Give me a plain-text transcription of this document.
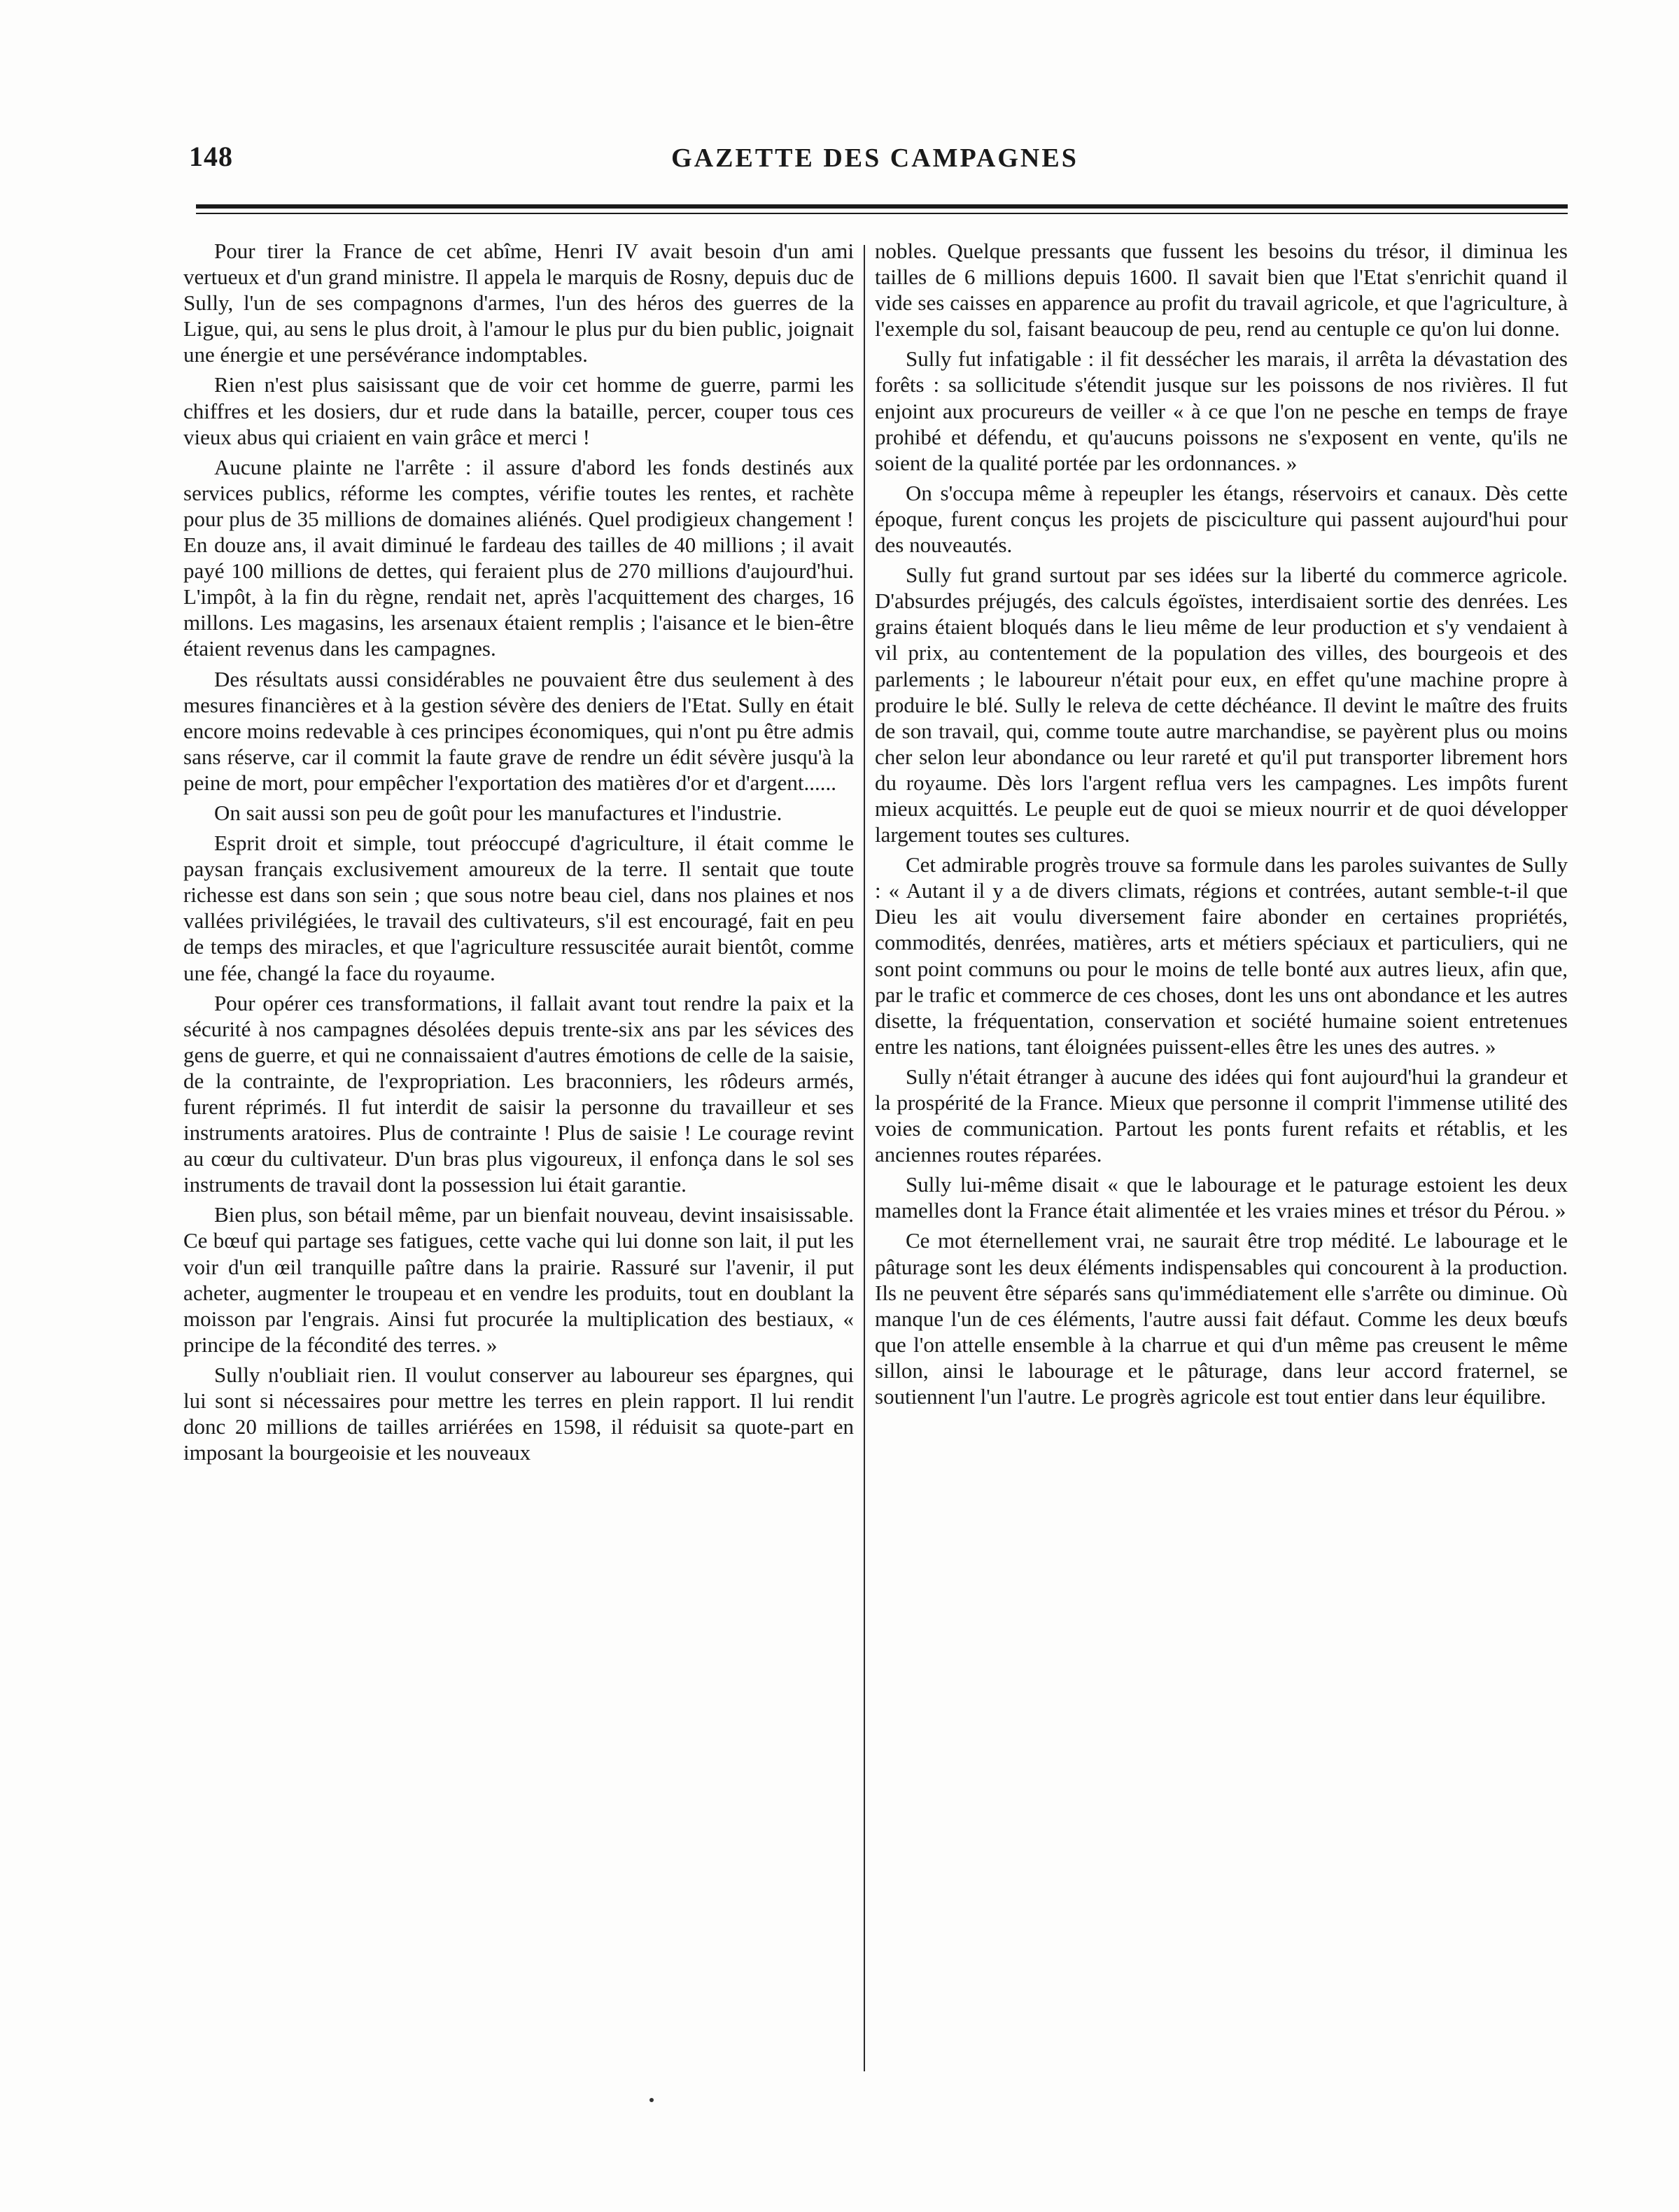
148	GAZETTE DES CAMPAGNES

Pour tirer la France de cet abîme, Henri IV avait besoin d'un ami vertueux et d'un grand ministre. Il appela le marquis de Rosny, depuis duc de Sully, l'un de ses compagnons d'armes, l'un des héros des guerres de la Ligue, qui, au sens le plus droit, à l'amour le plus pur du bien public, joignait une énergie et une persévérance indomptables.

Rien n'est plus saisissant que de voir cet homme de guerre, parmi les chiffres et les dosiers, dur et rude dans la bataille, percer, couper tous ces vieux abus qui criaient en vain grâce et merci !

Aucune plainte ne l'arrête : il assure d'abord les fonds destinés aux services publics, réforme les comptes, vérifie toutes les rentes, et rachète pour plus de 35 millions de domaines aliénés. Quel prodigieux changement ! En douze ans, il avait diminué le fardeau des tailles de 40 millions ; il avait payé 100 millions de dettes, qui feraient plus de 270 millions d'aujourd'hui. L'impôt, à la fin du règne, rendait net, après l'acquittement des charges, 16 millons. Les magasins, les arsenaux étaient remplis ; l'aisance et le bien-être étaient revenus dans les campagnes.

Des résultats aussi considérables ne pouvaient être dus seulement à des mesures financières et à la gestion sévère des deniers de l'Etat. Sully en était encore moins redevable à ces principes économiques, qui n'ont pu être admis sans réserve, car il commit la faute grave de rendre un édit sévère jusqu'à la peine de mort, pour empêcher l'exportation des matières d'or et d'argent......

On sait aussi son peu de goût pour les manufactures et l'industrie.

Esprit droit et simple, tout préoccupé d'agriculture, il était comme le paysan français exclusivement amoureux de la terre. Il sentait que toute richesse est dans son sein ; que sous notre beau ciel, dans nos plaines et nos vallées privilégiées, le travail des cultivateurs, s'il est encouragé, fait en peu de temps des miracles, et que l'agriculture ressuscitée aurait bientôt, comme une fée, changé la face du royaume.

Pour opérer ces transformations, il fallait avant tout rendre la paix et la sécurité à nos campagnes désolées depuis trente-six ans par les sévices des gens de guerre, et qui ne connaissaient d'autres émotions de celle de la saisie, de la contrainte, de l'expropriation. Les braconniers, les rôdeurs armés, furent réprimés. Il fut interdit de saisir la personne du travailleur et ses instruments aratoires. Plus de contrainte ! Plus de saisie ! Le courage revint au cœur du cultivateur. D'un bras plus vigoureux, il enfonça dans le sol ses instruments de travail dont la possession lui était garantie.

Bien plus, son bétail même, par un bienfait nouveau, devint insaisissable. Ce bœuf qui partage ses fatigues, cette vache qui lui donne son lait, il put les voir d'un œil tranquille paître dans la prairie. Rassuré sur l'avenir, il put acheter, augmenter le troupeau et en vendre les produits, tout en doublant la moisson par l'engrais. Ainsi fut procurée la multiplication des bestiaux, « principe de la fécondité des terres. »

Sully n'oubliait rien. Il voulut conserver au laboureur ses épargnes, qui lui sont si nécessaires pour mettre les terres en plein rapport. Il lui rendit donc 20 millions de tailles arriérées en 1598, il réduisit sa quote-part en imposant la bourgeoisie et les nouveaux

nobles. Quelque pressants que fussent les besoins du trésor, il diminua les tailles de 6 millions depuis 1600. Il savait bien que l'Etat s'enrichit quand il vide ses caisses en apparence au profit du travail agricole, et que l'agriculture, à l'exemple du sol, faisant beaucoup de peu, rend au centuple ce qu'on lui donne.

Sully fut infatigable : il fit dessécher les marais, il arrêta la dévastation des forêts : sa sollicitude s'étendit jusque sur les poissons de nos rivières. Il fut enjoint aux procureurs de veiller « à ce que l'on ne pesche en temps de fraye prohibé et défendu, et qu'aucuns poissons ne s'exposent en vente, qu'ils ne soient de la qualité portée par les ordonnances. »

On s'occupa même à repeupler les étangs, réservoirs et canaux. Dès cette époque, furent conçus les projets de pisciculture qui passent aujourd'hui pour des nouveautés.

Sully fut grand surtout par ses idées sur la liberté du commerce agricole. D'absurdes préjugés, des calculs égoïstes, interdisaient sortie des denrées. Les grains étaient bloqués dans le lieu même de leur production et s'y vendaient à vil prix, au contentement de la population des villes, des bourgeois et des parlements ; le laboureur n'était pour eux, en effet qu'une machine propre à produire le blé. Sully le releva de cette déchéance. Il devint le maître des fruits de son travail, qui, comme toute autre marchandise, se payèrent plus ou moins cher selon leur abondance ou leur rareté et qu'il put transporter librement hors du royaume. Dès lors l'argent reflua vers les campagnes. Les impôts furent mieux acquittés. Le peuple eut de quoi se mieux nourrir et de quoi développer largement toutes ses cultures.

Cet admirable progrès trouve sa formule dans les paroles suivantes de Sully : « Autant il y a de divers climats, régions et contrées, autant semble-t-il que Dieu les ait voulu diversement faire abonder en certaines propriétés, commodités, denrées, matières, arts et métiers spéciaux et particuliers, qui ne sont point communs ou pour le moins de telle bonté aux autres lieux, afin que, par le trafic et commerce de ces choses, dont les uns ont abondance et les autres disette, la fréquentation, conservation et société humaine soient entretenues entre les nations, tant éloignées puissent-elles être les unes des autres. »

Sully n'était étranger à aucune des idées qui font aujourd'hui la grandeur et la prospérité de la France. Mieux que personne il comprit l'immense utilité des voies de communication. Partout les ponts furent refaits et rétablis, et les anciennes routes réparées.

Sully lui-même disait « que le labourage et le paturage estoient les deux mamelles dont la France était alimentée et les vraies mines et trésor du Pérou. »

Ce mot éternellement vrai, ne saurait être trop médité. Le labourage et le pâturage sont les deux éléments indispensables qui concourent à la production. Ils ne peuvent être séparés sans qu'immédiatement elle s'arrête ou diminue. Où manque l'un de ces éléments, l'autre aussi fait défaut. Comme les deux bœufs que l'on attelle ensemble à la charrue et qui d'un même pas creusent le même sillon, ainsi le labourage et le pâturage, dans leur accord fraternel, se soutiennent l'un l'autre. Le progrès agricole est tout entier dans leur équilibre.
